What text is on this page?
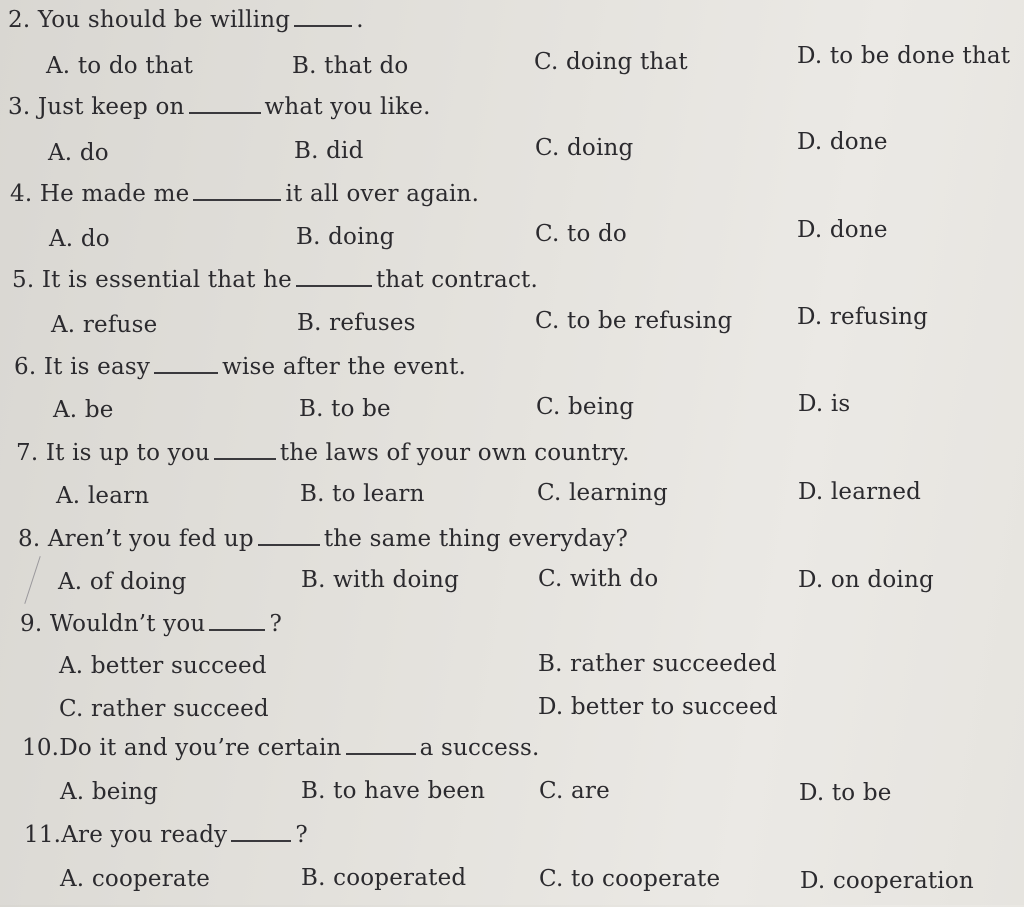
2. You should be willing	.
A. to do that	B. that do	C. doing that	D. to be done that
3. Just keep on	what you like.
A. do	B. did	C. doing	D. done
4. He made me	it all over again.
A. do	B. doing	C. to do	D. done
5. It is essential that he	that contract.
A. refuse	B. refuses	C. to be refusing	D. refusing
6. It is easy	wise after the event.
A. be	B. to be	C. being	D. is
7. It is up to you	the laws of your own country.
A. learn	B. to learn	C. learning	D. learned
8. Aren’t you fed up	the same thing everyday?
A. of doing	B. with doing	C. with do	D. on doing
9. Wouldn’t you	?
A. better succeed	B. rather succeeded
C. rather succeed	D. better to succeed
10.Do it and you’re certain	a success.
A. being	B. to have been C. are	D. to be
11.Are you ready	?
A. cooperate	B. cooperated	C. to cooperate	D. cooperation
